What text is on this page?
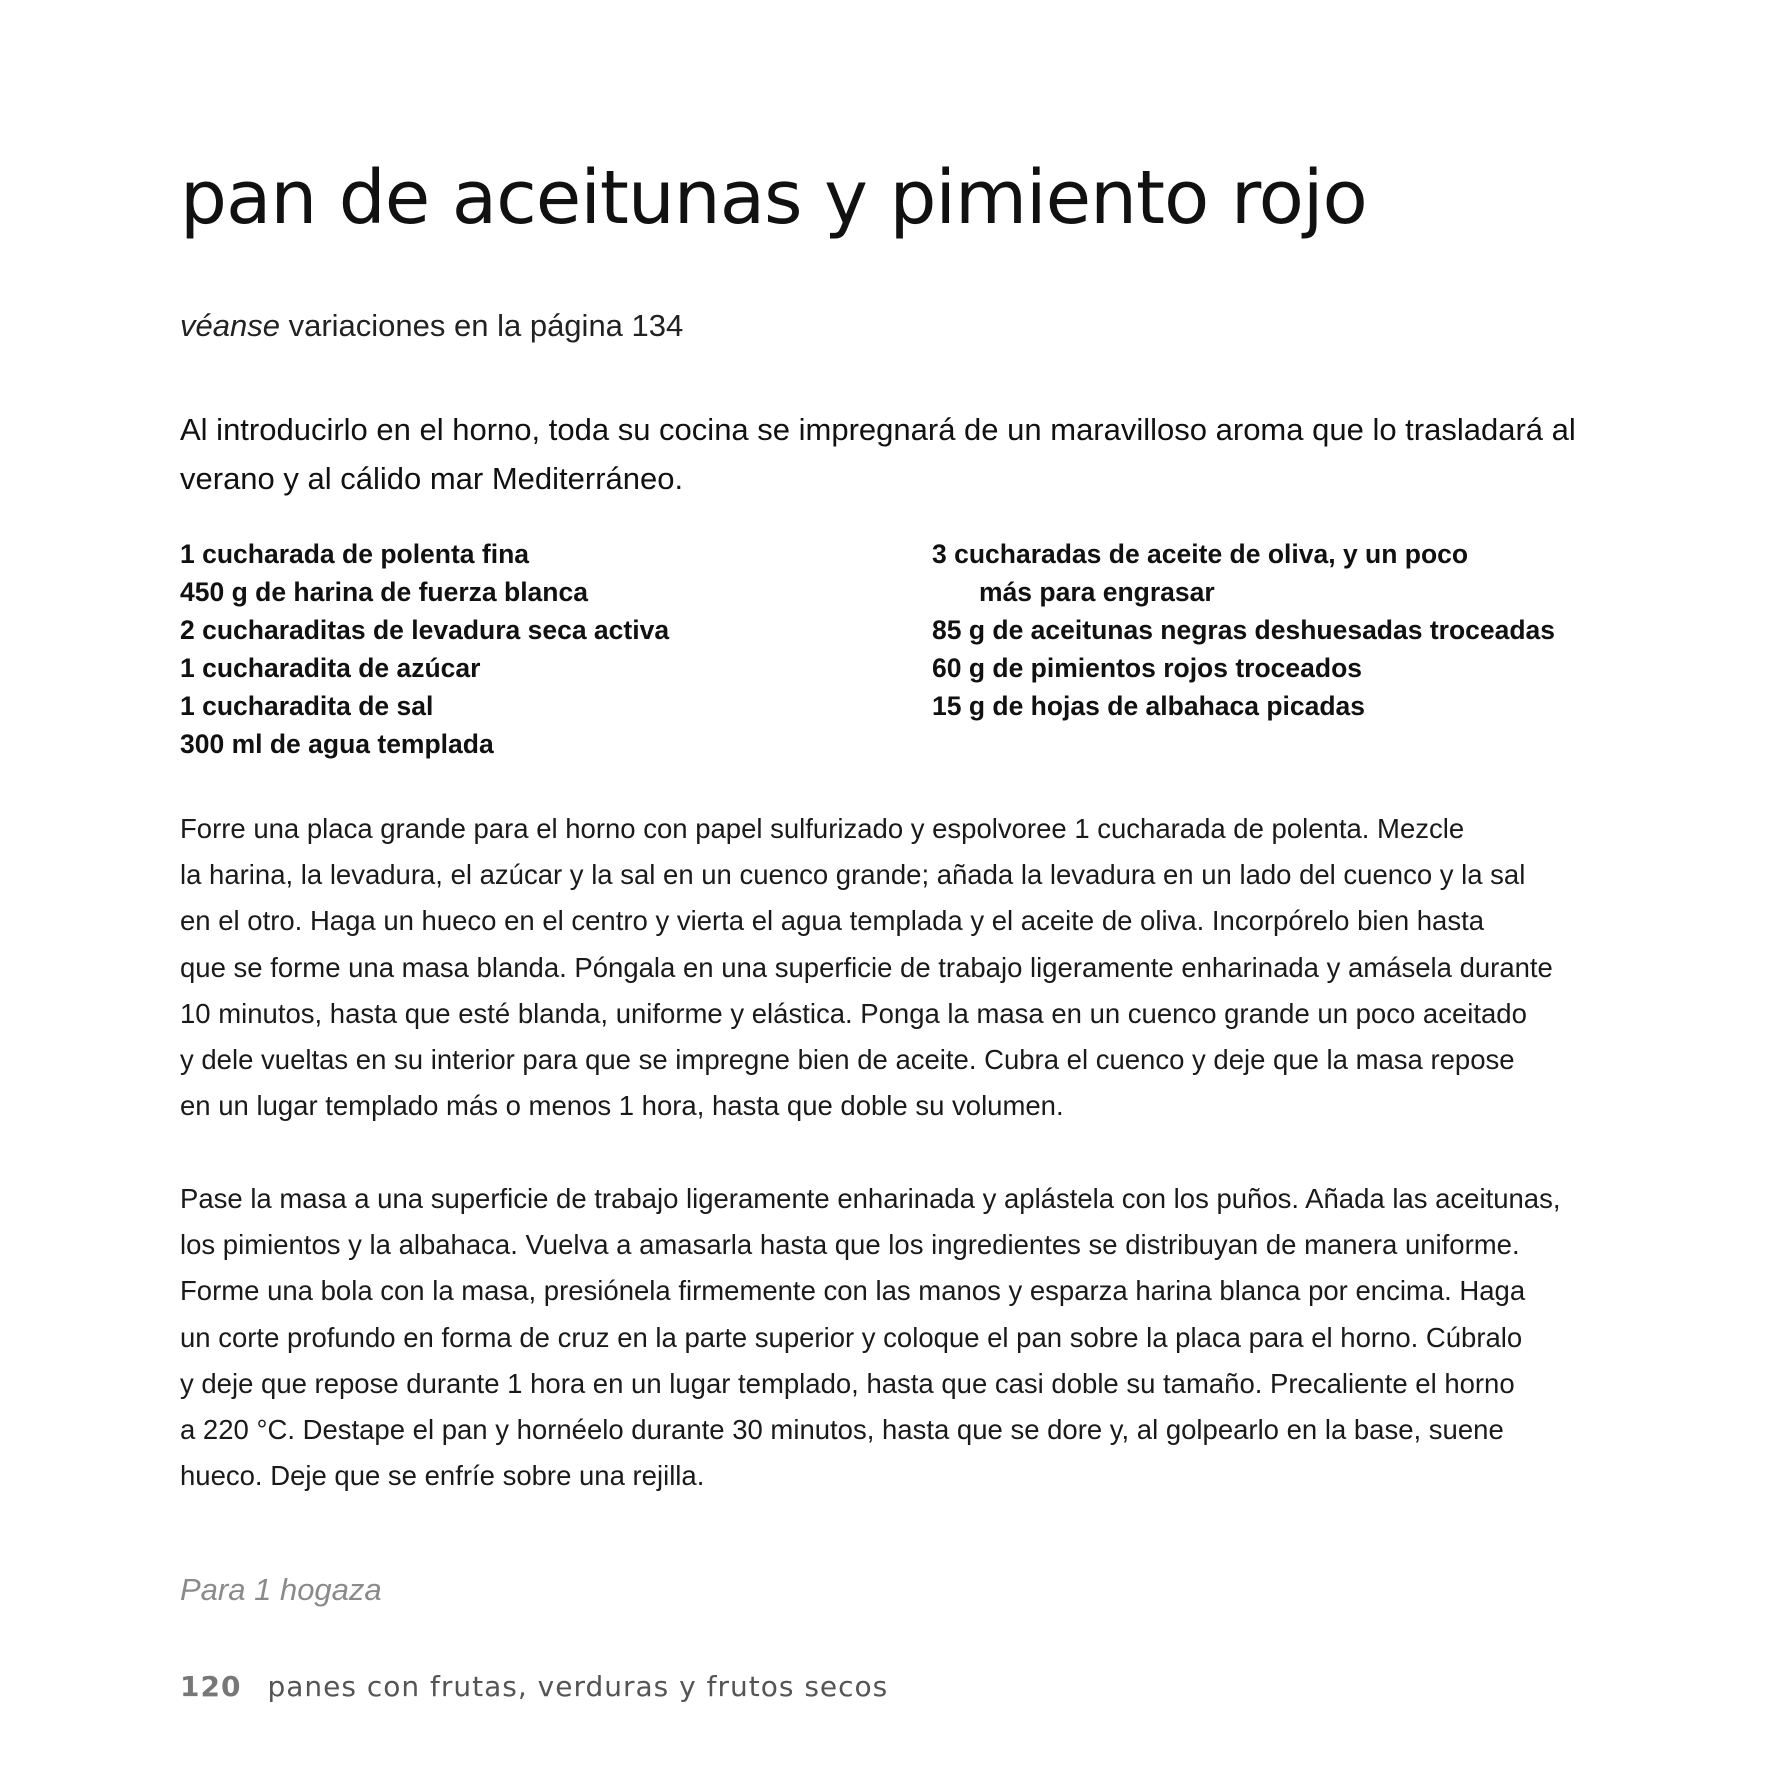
pan de aceitunas y pimiento rojo
véanse variaciones en la página 134

Al introducirlo en el horno, toda su cocina se impregnará de un maravilloso aroma que lo trasladará al verano y al cálido mar Mediterráneo.

1 cucharada de polenta fina
450 g de harina de fuerza blanca
2 cucharaditas de levadura seca activa
1 cucharadita de azúcar
1 cucharadita de sal
300 ml de agua templada
3 cucharadas de aceite de oliva, y un poco
más para engrasar
85 g de aceitunas negras deshuesadas troceadas
60 g de pimientos rojos troceados
15 g de hojas de albahaca picadas

Forre una placa grande para el horno con papel sulfurizado y espolvoree 1 cucharada de polenta. Mezcle
la harina, la levadura, el azúcar y la sal en un cuenco grande; añada la levadura en un lado del cuenco y la sal
en el otro. Haga un hueco en el centro y vierta el agua templada y el aceite de oliva. Incorpórelo bien hasta
que se forme una masa blanda. Póngala en una superficie de trabajo ligeramente enharinada y amásela durante
10 minutos, hasta que esté blanda, uniforme y elástica. Ponga la masa en un cuenco grande un poco aceitado
y dele vueltas en su interior para que se impregne bien de aceite. Cubra el cuenco y deje que la masa repose
en un lugar templado más o menos 1 hora, hasta que doble su volumen.

Pase la masa a una superficie de trabajo ligeramente enharinada y aplástela con los puños. Añada las aceitunas,
los pimientos y la albahaca. Vuelva a amasarla hasta que los ingredientes se distribuyan de manera uniforme.
Forme una bola con la masa, presiónela firmemente con las manos y esparza harina blanca por encima. Haga
un corte profundo en forma de cruz en la parte superior y coloque el pan sobre la placa para el horno. Cúbralo
y deje que repose durante 1 hora en un lugar templado, hasta que casi doble su tamaño. Precaliente el horno
a 220 °C. Destape el pan y hornéelo durante 30 minutos, hasta que se dore y, al golpearlo en la base, suene
hueco. Deje que se enfríe sobre una rejilla.

Para 1 hogaza
120 panes con frutas, verduras y frutos secos
